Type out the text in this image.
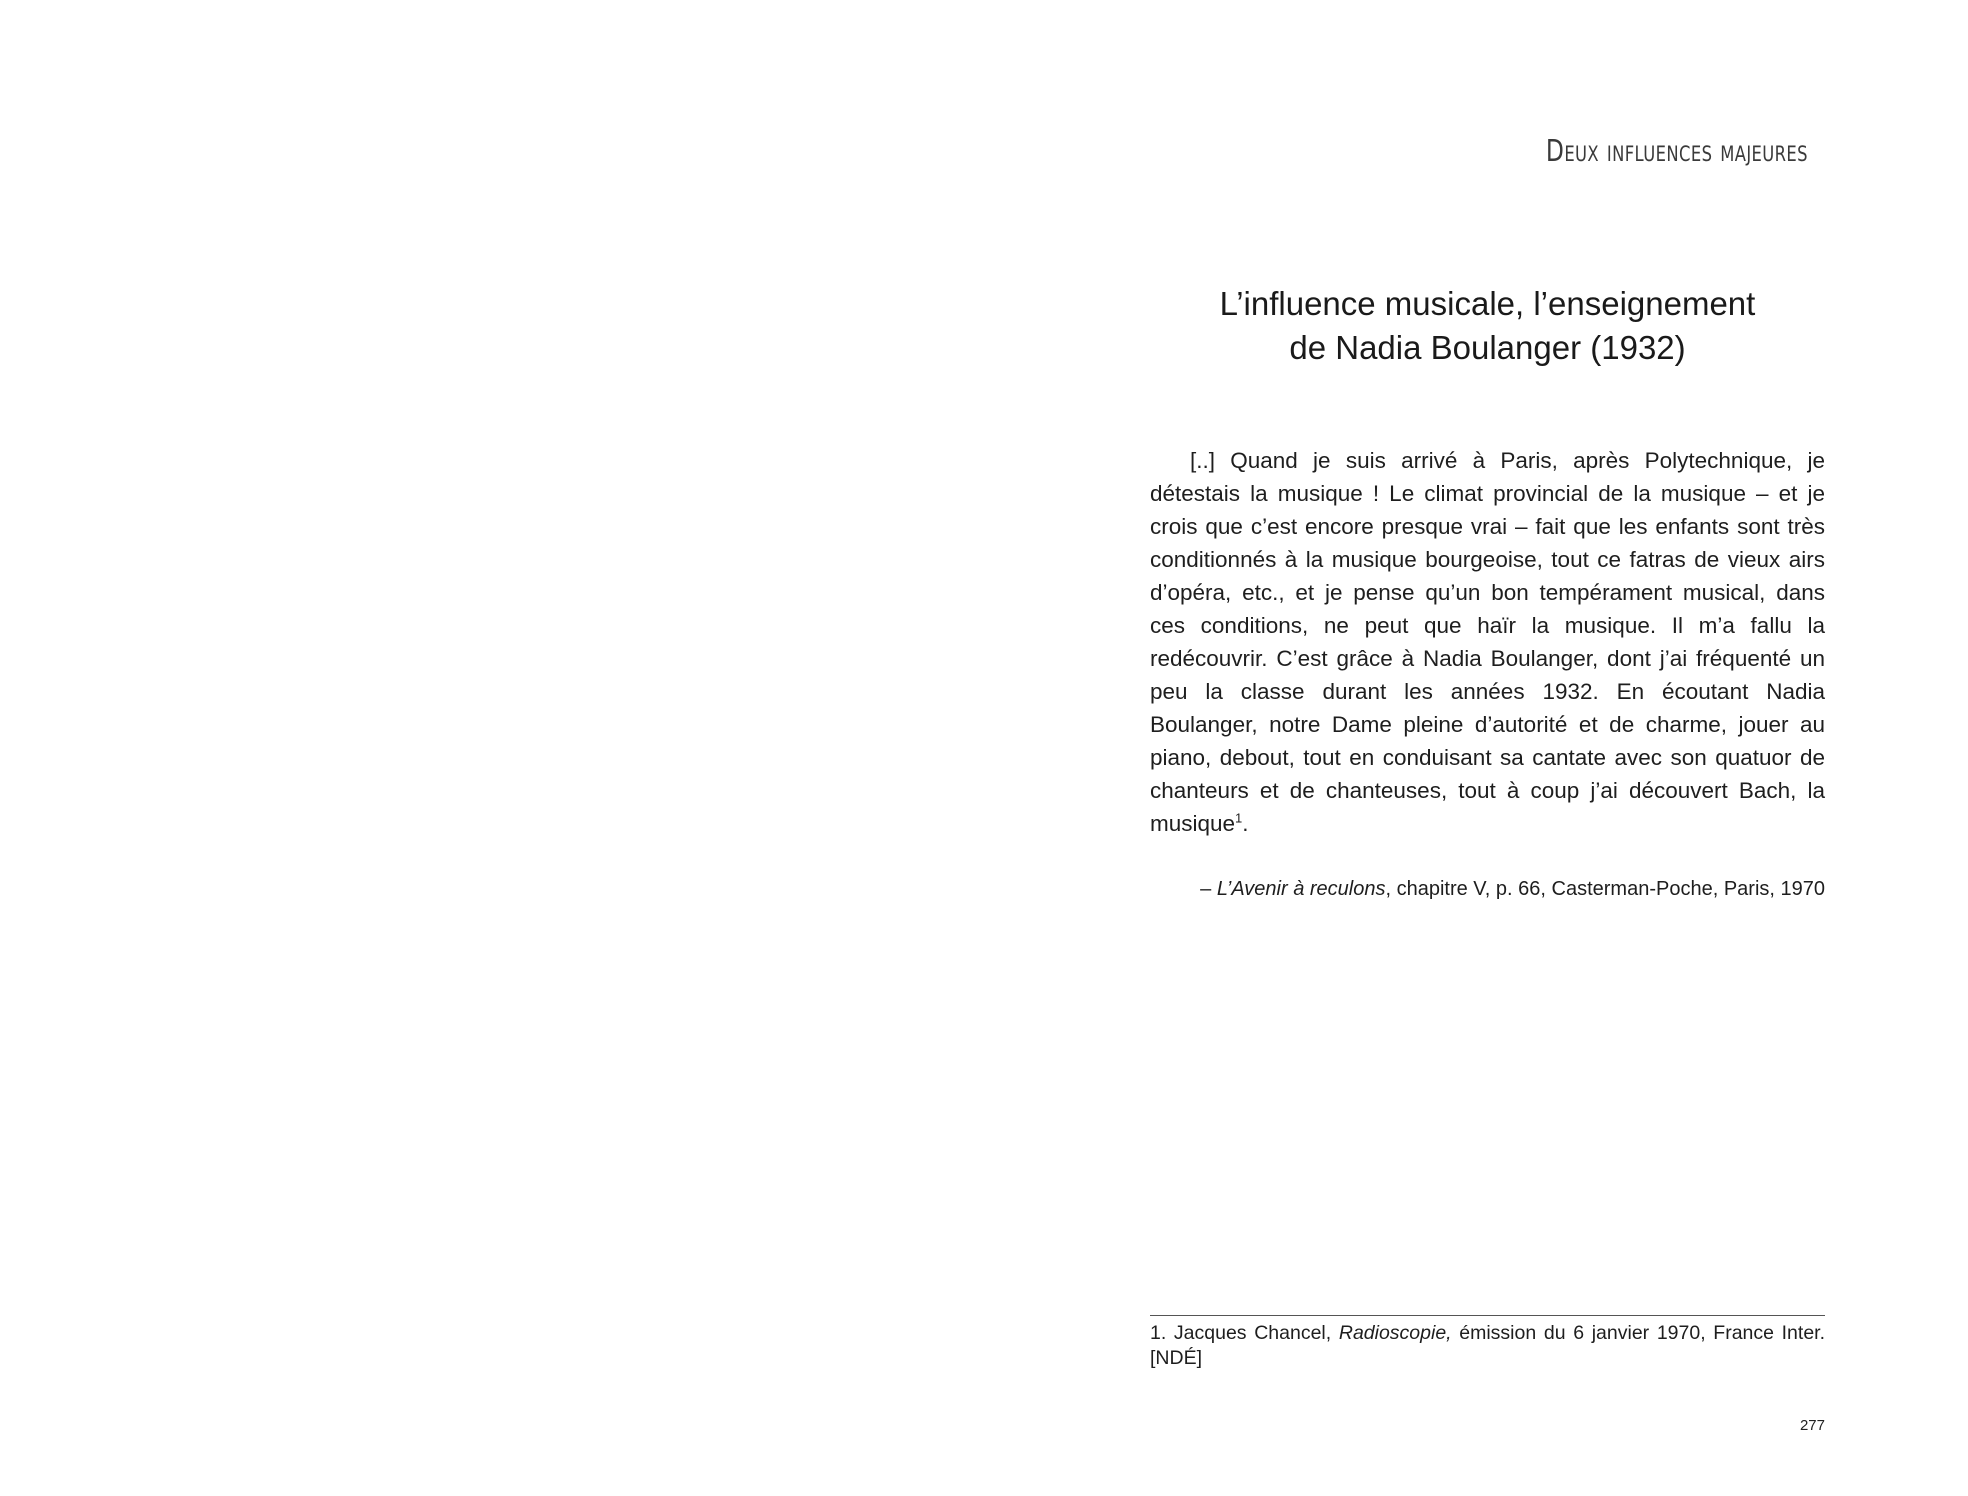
Deux influences majeures
L’influence musicale, l’enseignement
de Nadia Boulanger (1932)

[..] Quand je suis arrivé à Paris, après Polytechnique, je détestais la musique ! Le climat provincial de la musique – et je crois que c’est encore presque vrai – fait que les enfants sont très conditionnés à la musique bourgeoise, tout ce fatras de vieux airs d’opéra, etc., et je pense qu’un bon tempérament musical, dans ces conditions, ne peut que haïr la musique. Il m’a fallu la redécouvrir. C’est grâce à Nadia Boulanger, dont j’ai fréquenté un peu la classe durant les années 1932. En écoutant Nadia Boulanger, notre Dame pleine d’autorité et de charme, jouer au piano, debout, tout en conduisant sa cantate avec son quatuor de chanteurs et de chanteuses, tout à coup j’ai découvert Bach, la musique$^1$.

– L’Avenir à reculons, chapitre V, p. 66, Casterman-Poche, Paris, 1970
1. Jacques Chancel, Radioscopie, émission du 6 janvier 1970, France Inter. [NDÉ]
277
